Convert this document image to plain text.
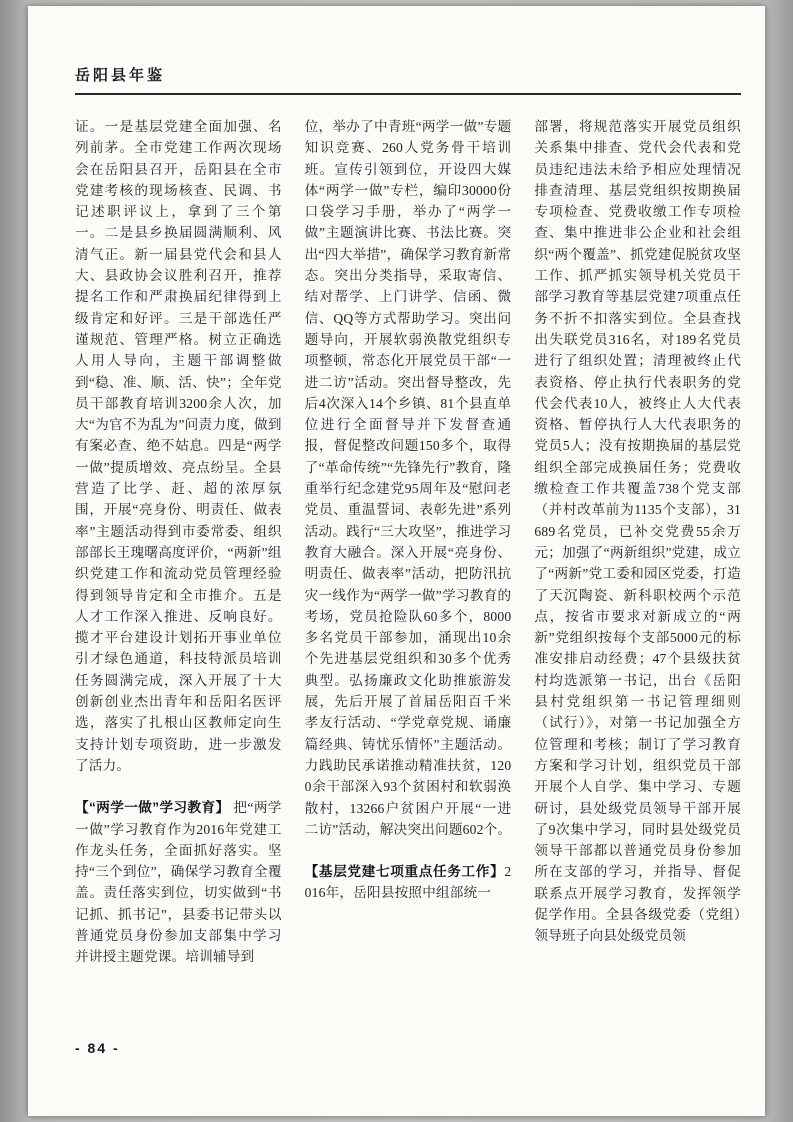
岳阳县年鉴

证。一是基层党建全面加强、名列前茅。全市党建工作两次现场会在岳阳县召开，岳阳县在全市党建考核的现场核查、民调、书记述职评议上，拿到了三个第一。二是县乡换届圆满顺利、风清气正。新一届县党代会和县人大、县政协会议胜利召开，推荐提名工作和严肃换届纪律得到上级肯定和好评。三是干部选任严谨规范、管理严格。树立正确选人用人导向，主题干部调整做到“稳、准、顺、活、快”；全年党员干部教育培训3200余人次，加大“为官不为乱为”问责力度，做到有案必查、绝不姑息。四是“两学一做”提质增效、亮点纷呈。全县营造了比学、赶、超的浓厚氛围，开展“亮身份、明责任、做表率”主题活动得到市委常委、组织部部长王瑰曙高度评价，“两新”组织党建工作和流动党员管理经验得到领导肯定和全市推介。五是人才工作深入推进、反响良好。揽才平台建设计划拓开事业单位引才绿色通道，科技特派员培训任务圆满完成，深入开展了十大创新创业杰出青年和岳阳名医评选，落实了扎根山区教师定向生支持计划专项资助，进一步激发了活力。

【“两学一做”学习教育】 把“两学一做”学习教育作为2016年党建工作龙头任务，全面抓好落实。坚持“三个到位”，确保学习教育全覆盖。责任落实到位，切实做到“书记抓、抓书记”，县委书记带头以普通党员身份参加支部集中学习并讲授主题党课。培训辅导到

位，举办了中青班“两学一做”专题知识竞赛、260人党务骨干培训班。宣传引领到位，开设四大媒体“两学一做”专栏，编印30000份口袋学习手册，举办了“两学一做”主题演讲比赛、书法比赛。突出“四大举措”，确保学习教育新常态。突出分类指导，采取寄信、结对帮学、上门讲学、信函、微信、QQ等方式帮助学习。突出问题导向，开展软弱涣散党组织专项整顿，常态化开展党员干部“一进二访”活动。突出督导整改，先后4次深入14个乡镇、81个县直单位进行全面督导并下发督查通报，督促整改问题150多个，取得了“革命传统”“先锋先行”教育，隆重举行纪念建党95周年及“慰问老党员、重温誓词、表彰先进”系列活动。践行“三大攻坚”，推进学习教育大融合。深入开展“亮身份、明责任、做表率”活动，把防汛抗灾一线作为“两学一做”学习教育的考场，党员抢险队60多个，8000多名党员干部参加，涌现出10余个先进基层党组织和30多个优秀典型。弘扬廉政文化助推旅游发展，先后开展了首届岳阳百千米孝友行活动、“学党章党规、诵廉篇经典、铸忧乐情怀”主题活动。力践助民承诺推动精准扶贫，1200余干部深入93个贫困村和软弱涣散村，13266户贫困户开展“一进二访”活动，解决突出问题602个。

【基层党建七项重点任务工作】2016年，岳阳县按照中组部统一

部署，将规范落实开展党员组织关系集中排查、党代会代表和党员违纪违法未给予相应处理情况排查清理、基层党组织按期换届专项检查、党费收缴工作专项检查、集中推进非公企业和社会组织“两个覆盖”、抓党建促脱贫攻坚工作、抓严抓实领导机关党员干部学习教育等基层党建7项重点任务不折不扣落实到位。全县查找出失联党员316名，对189名党员进行了组织处置；清理被终止代表资格、停止执行代表职务的党代会代表10人，被终止人大代表资格、暂停执行人大代表职务的党员5人；没有按期换届的基层党组织全部完成换届任务；党费收缴检查工作共覆盖738个党支部（并村改革前为1135个支部），31689名党员，已补交党费55余万元；加强了“两新组织”党建，成立了“两新”党工委和园区党委，打造了天沉陶瓷、新科职校两个示范点，按省市要求对新成立的“两新”党组织按每个支部5000元的标准安排启动经费；47个县级扶贫村均选派第一书记，出台《岳阳县村党组织第一书记管理细则（试行）》，对第一书记加强全方位管理和考核；制订了学习教育方案和学习计划，组织党员干部开展个人自学、集中学习、专题研讨，县处级党员领导干部开展了9次集中学习，同时县处级党员领导干部都以普通党员身份参加所在支部的学习，并指导、督促联系点开展学习教育，发挥领学促学作用。全县各级党委（党组）领导班子向县处级党员领

- 84 -
